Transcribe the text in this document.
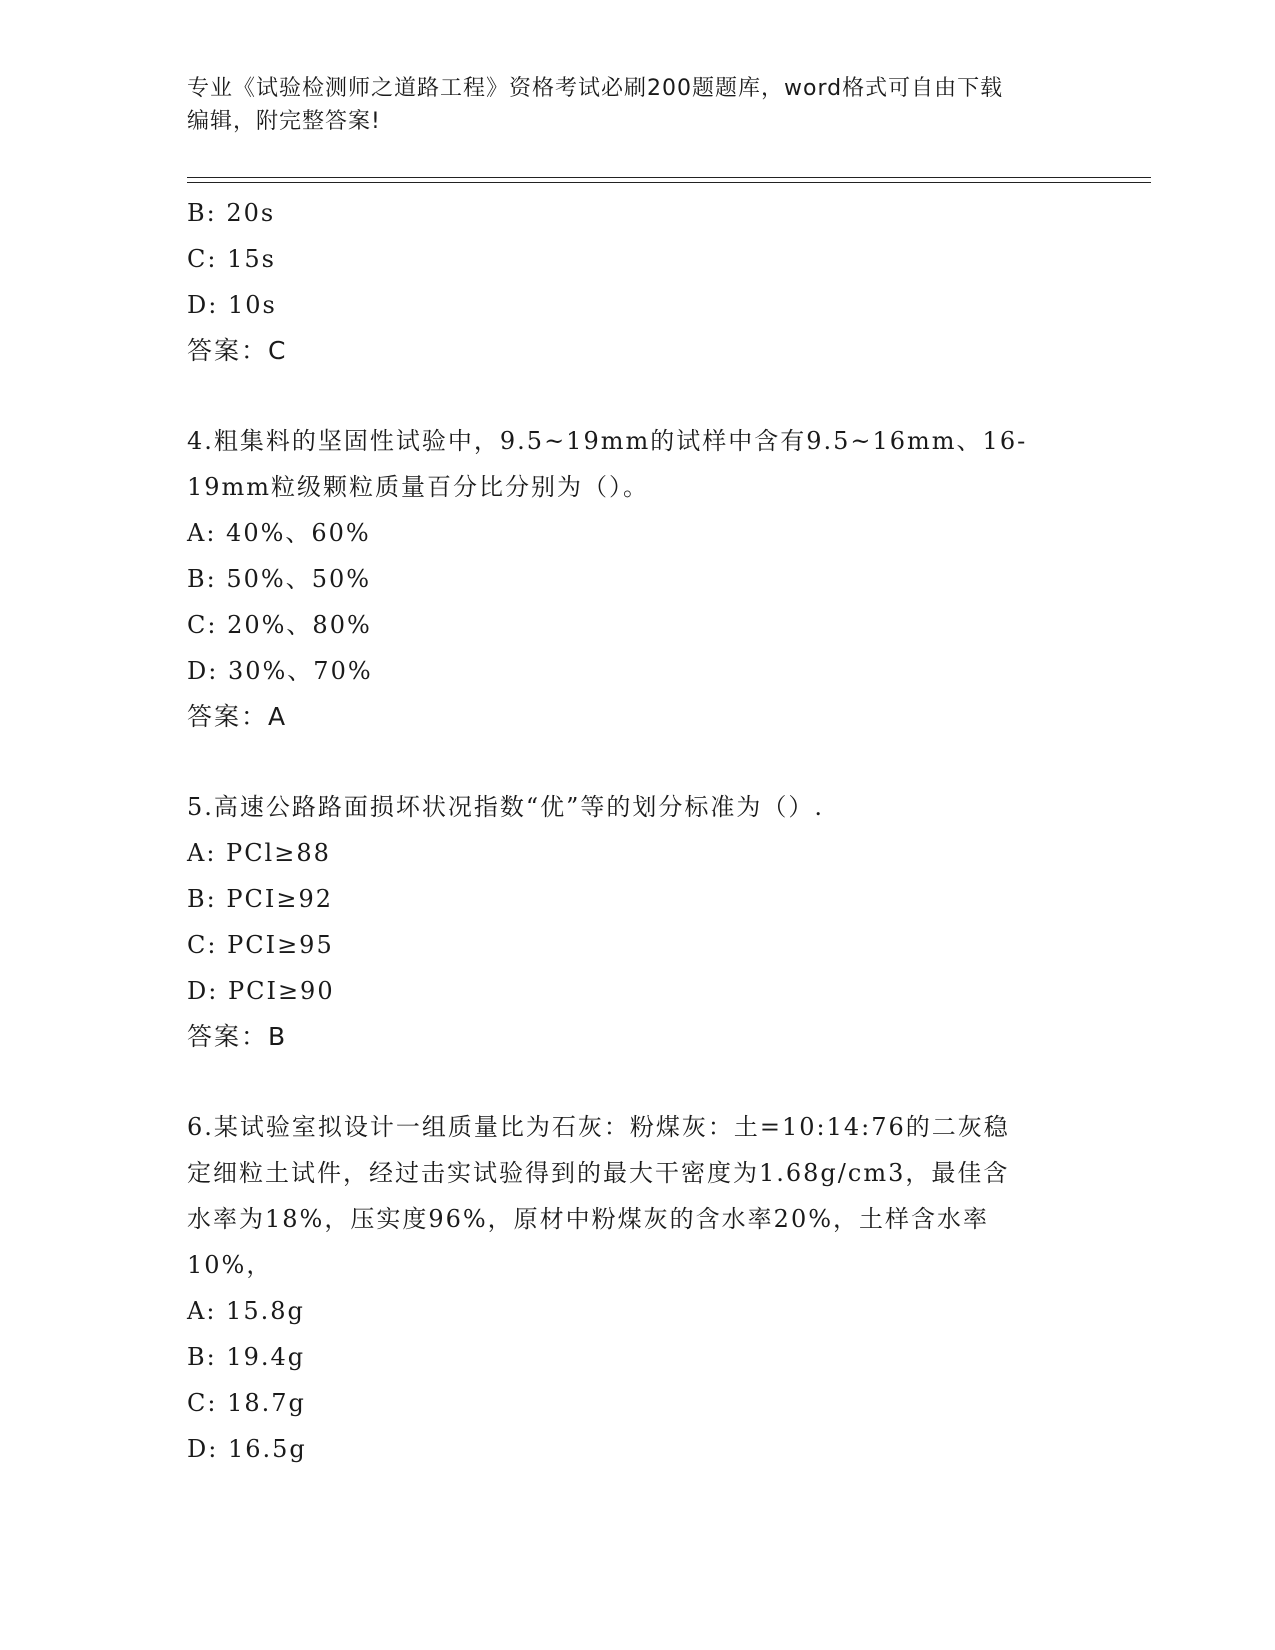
专业《试验检测师之道路工程》资格考试必刷200题题库，word格式可自由下载
编辑，附完整答案!
B: 20s
C: 15s
D: 10s
答案：C
4.粗集料的坚固性试验中，9.5~19mm的试样中含有9.5~16mm、16-
19mm粒级颗粒质量百分比分别为（）。
A: 40%、60%
B: 50%、50%
C: 20%、80%
D: 30%、70%
答案：A
5.高速公路路面损坏状况指数“优”等的划分标准为（）.
A: PCl≥88
B: PCI≥92
C: PCI≥95
D: PCI≥90
答案：B
6.某试验室拟设计一组质量比为石灰：粉煤灰：土=10:14:76的二灰稳
定细粒土试件，经过击实试验得到的最大干密度为1.68g/cm3，最佳含
水率为18%，压实度96%，原材中粉煤灰的含水率20%，土样含水率
10%，
A: 15.8g
B: 19.4g
C: 18.7g
D: 16.5g
